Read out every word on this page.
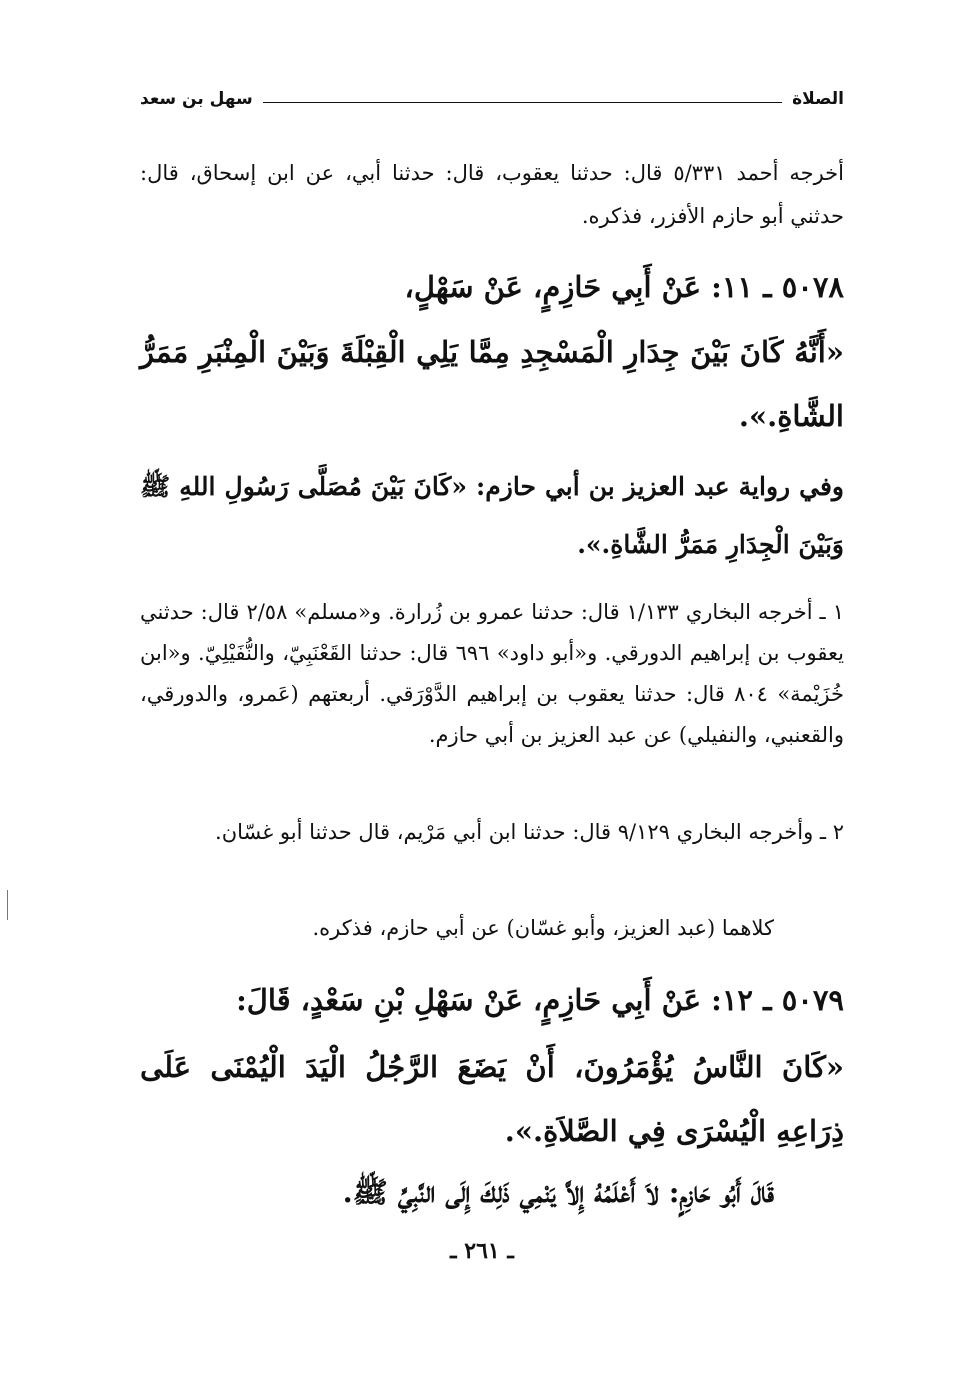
الصلاة
سهل بن سعد
أخرجه أحمد ٥/٣٣١ قال: حدثنا يعقوب، قال: حدثنا أبي، عن ابن إسحاق، قال: حدثني أبو حازم الأفزر، فذكره.
٥٠٧٨ ـ ١١: عَنْ أَبِي حَازِمٍ، عَنْ سَهْلٍ،
«أَنَّهُ كَانَ بَيْنَ جِدَارِ الْمَسْجِدِ مِمَّا يَلِي الْقِبْلَةَ وَبَيْنَ الْمِنْبَرِ مَمَرُّ الشَّاةِ.».
وفي رواية عبد العزيز بن أبي حازم: «كَانَ بَيْنَ مُصَلَّى رَسُولِ اللهِ ﷺ وَبَيْنَ الْجِدَارِ مَمَرُّ الشَّاةِ.».
١ ـ أخرجه البخاري ١/١٣٣ قال: حدثنا عمرو بن زُرارة. و«مسلم» ٢/٥٨ قال: حدثني يعقوب بن إبراهيم الدورقي. و«أبو داود» ٦٩٦ قال: حدثنا القَعْنَبِيّ، والنُّفَيْلِيّ. و«ابن خُزَيْمة» ٨٠٤ قال: حدثنا يعقوب بن إبراهيم الدَّوْرَقي. أربعتهم (عَمرو، والدورقي، والقعنبي، والنفيلي) عن عبد العزيز بن أبي حازم.
٢ ـ وأخرجه البخاري ٩/١٢٩ قال: حدثنا ابن أبي مَرْيم، قال حدثنا أبو غسّان.
كلاهما (عبد العزيز، وأبو غسّان) عن أبي حازم، فذكره.
٥٠٧٩ ـ ١٢: عَنْ أَبِي حَازِمٍ، عَنْ سَهْلِ بْنِ سَعْدٍ، قَالَ:
«كَانَ النَّاسُ يُؤْمَرُونَ، أَنْ يَضَعَ الرَّجُلُ الْيَدَ الْيُمْنَى عَلَى ذِرَاعِهِ الْيُسْرَى فِي الصَّلاَةِ.».
قَالَ أَبُو حَازِمٍ: لاَ أَعْلَمُهُ إِلاَّ يَنْمِي ذَلِكَ إِلَى النَّبِيِّ ﷺ.
ـ ٢٦١ ـ
